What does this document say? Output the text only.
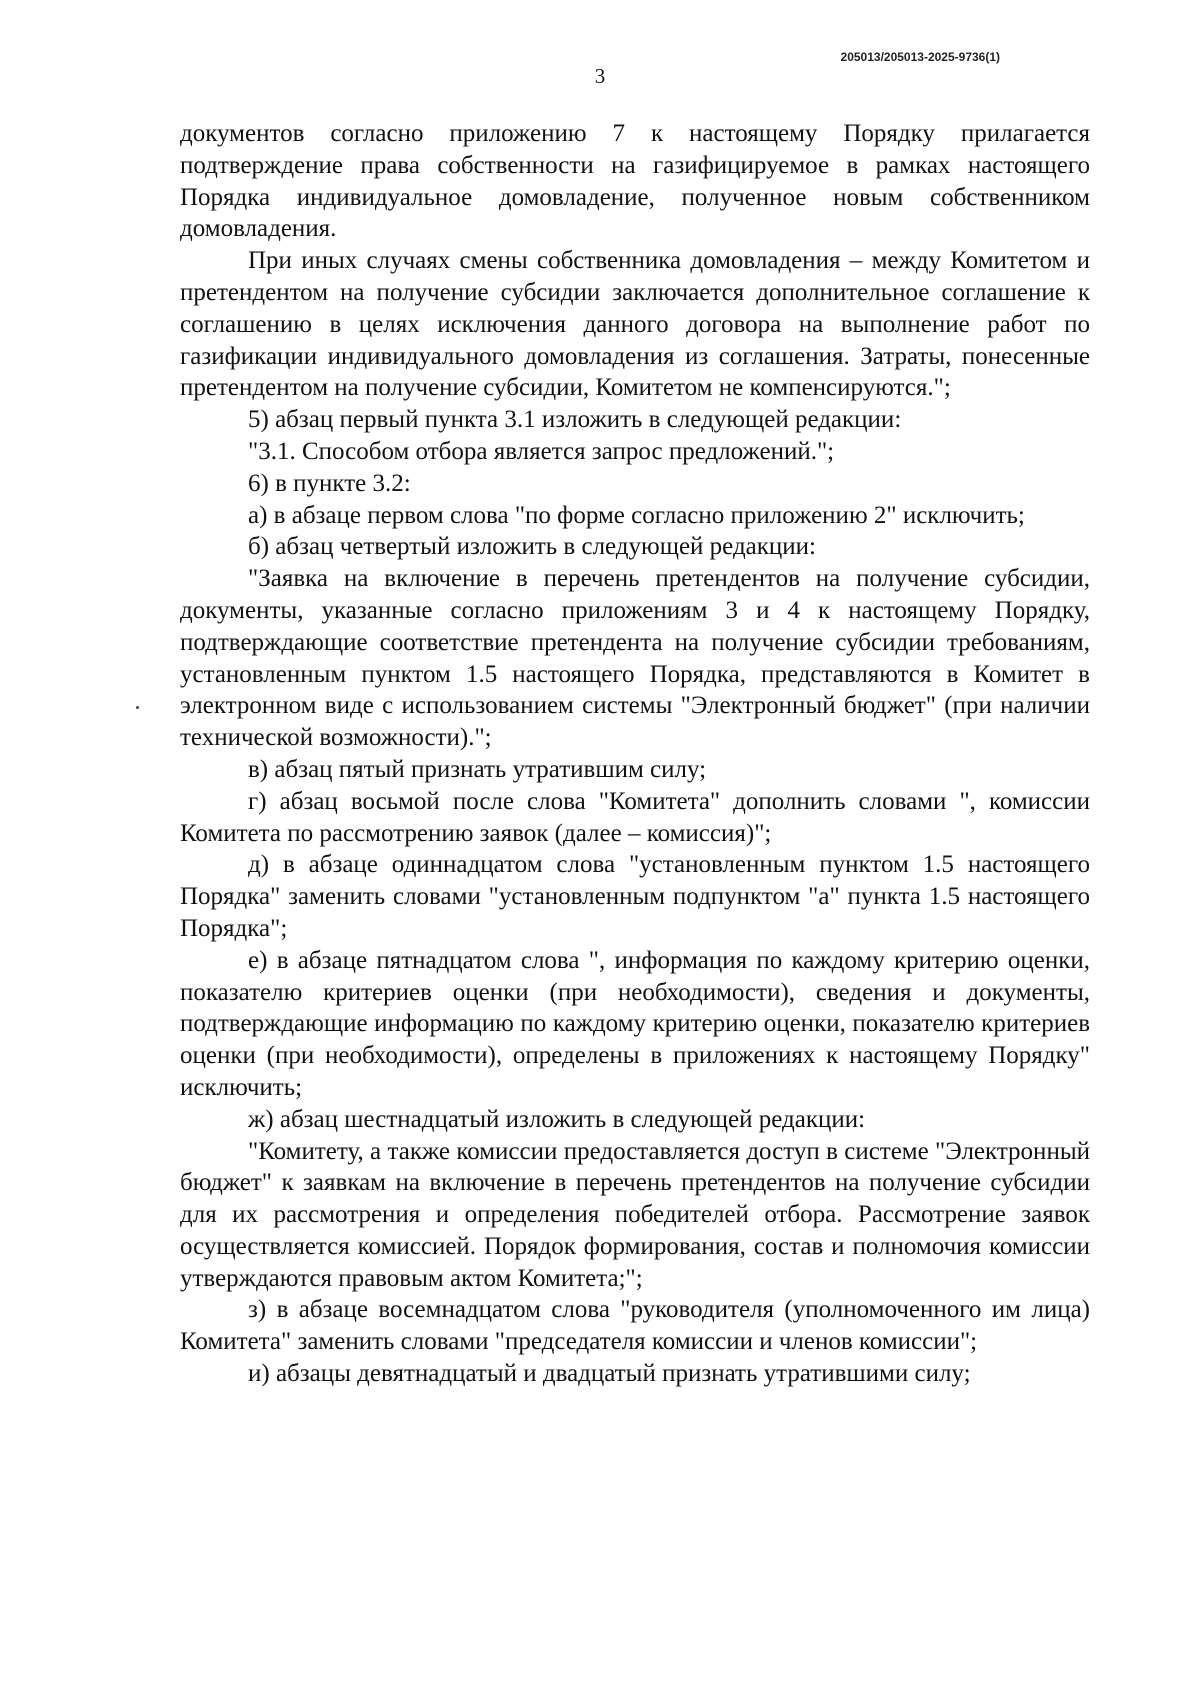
205013/205013-2025-9736(1)
3

документов согласно приложению 7 к настоящему Порядку прилагается подтверждение права собственности на газифицируемое в рамках настоящего Порядка индивидуальное домовладение, полученное новым собственником домовладения.

При иных случаях смены собственника домовладения – между Комитетом и претендентом на получение субсидии заключается дополнительное соглашение к соглашению в целях исключения данного договора на выполнение работ по газификации индивидуального домовладения из соглашения. Затраты, понесенные претендентом на получение субсидии, Комитетом не компенсируются.";

5) абзац первый пункта 3.1 изложить в следующей редакции:

"3.1. Способом отбора является запрос предложений.";

6) в пункте 3.2:

а) в абзаце первом слова "по форме согласно приложению 2" исключить;

б) абзац четвертый изложить в следующей редакции:

"Заявка на включение в перечень претендентов на получение субсидии, документы, указанные согласно приложениям 3 и 4 к настоящему Порядку, подтверждающие соответствие претендента на получение субсидии требованиям, установленным пунктом 1.5 настоящего Порядка, представляются в Комитет в электронном виде с использованием системы "Электронный бюджет" (при наличии технической возможности).";

в) абзац пятый признать утратившим силу;

г) абзац восьмой после слова "Комитета" дополнить словами ", комиссии Комитета по рассмотрению заявок (далее – комиссия)";

д) в абзаце одиннадцатом слова "установленным пунктом 1.5 настоящего Порядка" заменить словами "установленным подпунктом "а" пункта 1.5 настоящего Порядка";

е) в абзаце пятнадцатом слова ", информация по каждому критерию оценки, показателю критериев оценки (при необходимости), сведения и документы, подтверждающие информацию по каждому критерию оценки, показателю критериев оценки (при необходимости), определены в приложениях к настоящему Порядку" исключить;

ж) абзац шестнадцатый изложить в следующей редакции:

"Комитету, а также комиссии предоставляется доступ в системе "Электронный бюджет" к заявкам на включение в перечень претендентов на получение субсидии для их рассмотрения и определения победителей отбора. Рассмотрение заявок осуществляется комиссией. Порядок формирования, состав и полномочия комиссии утверждаются правовым актом Комитета;";

з) в абзаце восемнадцатом слова "руководителя (уполномоченного им лица) Комитета" заменить словами "председателя комиссии и членов комиссии";

и) абзацы девятнадцатый и двадцатый признать утратившими силу;
